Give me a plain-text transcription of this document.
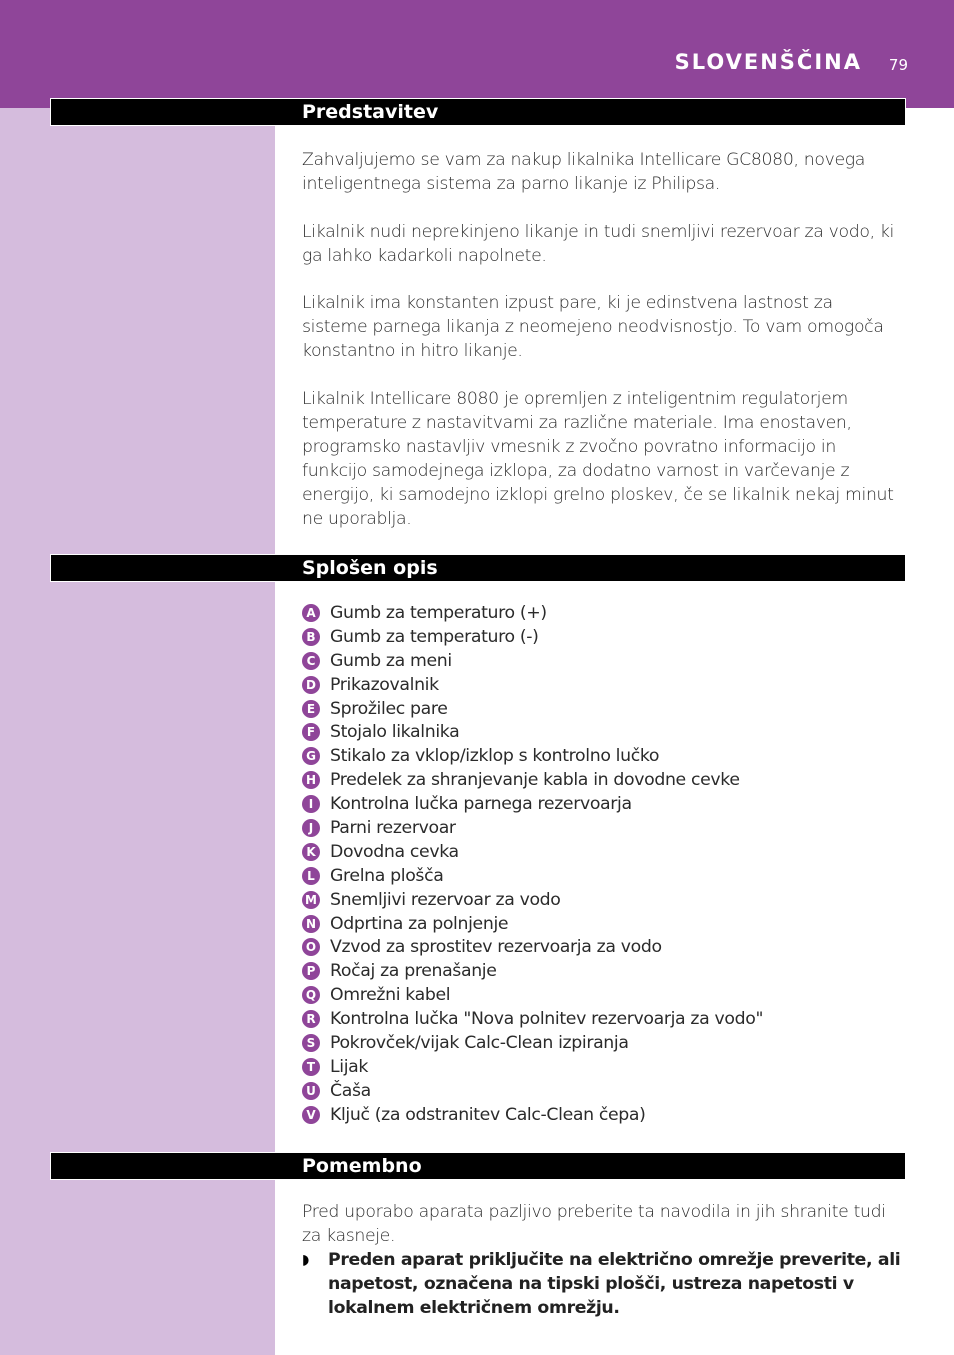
SLOVENŠČINA 79
Predstavitev

Zahvaljujemo se vam za nakup likalnika Intellicare GC8080, novega inteligentnega sistema za parno likanje iz Philipsa.

Likalnik nudi neprekinjeno likanje in tudi snemljivi rezervoar za vodo, ki ga lahko kadarkoli napolnete.

Likalnik ima konstanten izpust pare, ki je edinstvena lastnost za sisteme parnega likanja z neomejeno neodvisnostjo. To vam omogoča konstantno in hitro likanje.

Likalnik Intellicare 8080 je opremljen z inteligentnim regulatorjem temperature z nastavitvami za različne materiale. Ima enostaven, programsko nastavljiv vmesnik z zvočno povratno informacijo in funkcijo samodejnega izklopa, za dodatno varnost in varčevanje z energijo, ki samodejno izklopi grelno ploskev, če se likalnik nekaj minut ne uporablja.

Splošen opis
A Gumb za temperaturo (+)
B Gumb za temperaturo (-)
C Gumb za meni
D Prikazovalnik
E Sprožilec pare
F Stojalo likalnika
G Stikalo za vklop/izklop s kontrolno lučko
H Predelek za shranjevanje kabla in dovodne cevke
I Kontrolna lučka parnega rezervoarja
J Parni rezervoar
K Dovodna cevka
L Grelna plošča
M Snemljivi rezervoar za vodo
N Odprtina za polnjenje
O Vzvod za sprostitev rezervoarja za vodo
P Ročaj za prenašanje
Q Omrežni kabel
R Kontrolna lučka "Nova polnitev rezervoarja za vodo"
S Pokrovček/vijak Calc-Clean izpiranja
T Lijak
U Čaša
V Ključ (za odstranitev Calc-Clean čepa)
Pomembno

Pred uporabo aparata pazljivo preberite ta navodila in jih shranite tudi za kasneje.

◗	Preden aparat priključite na električno omrežje preverite, ali napetost, označena na tipski plošči, ustreza napetosti v lokalnem električnem omrežju.
